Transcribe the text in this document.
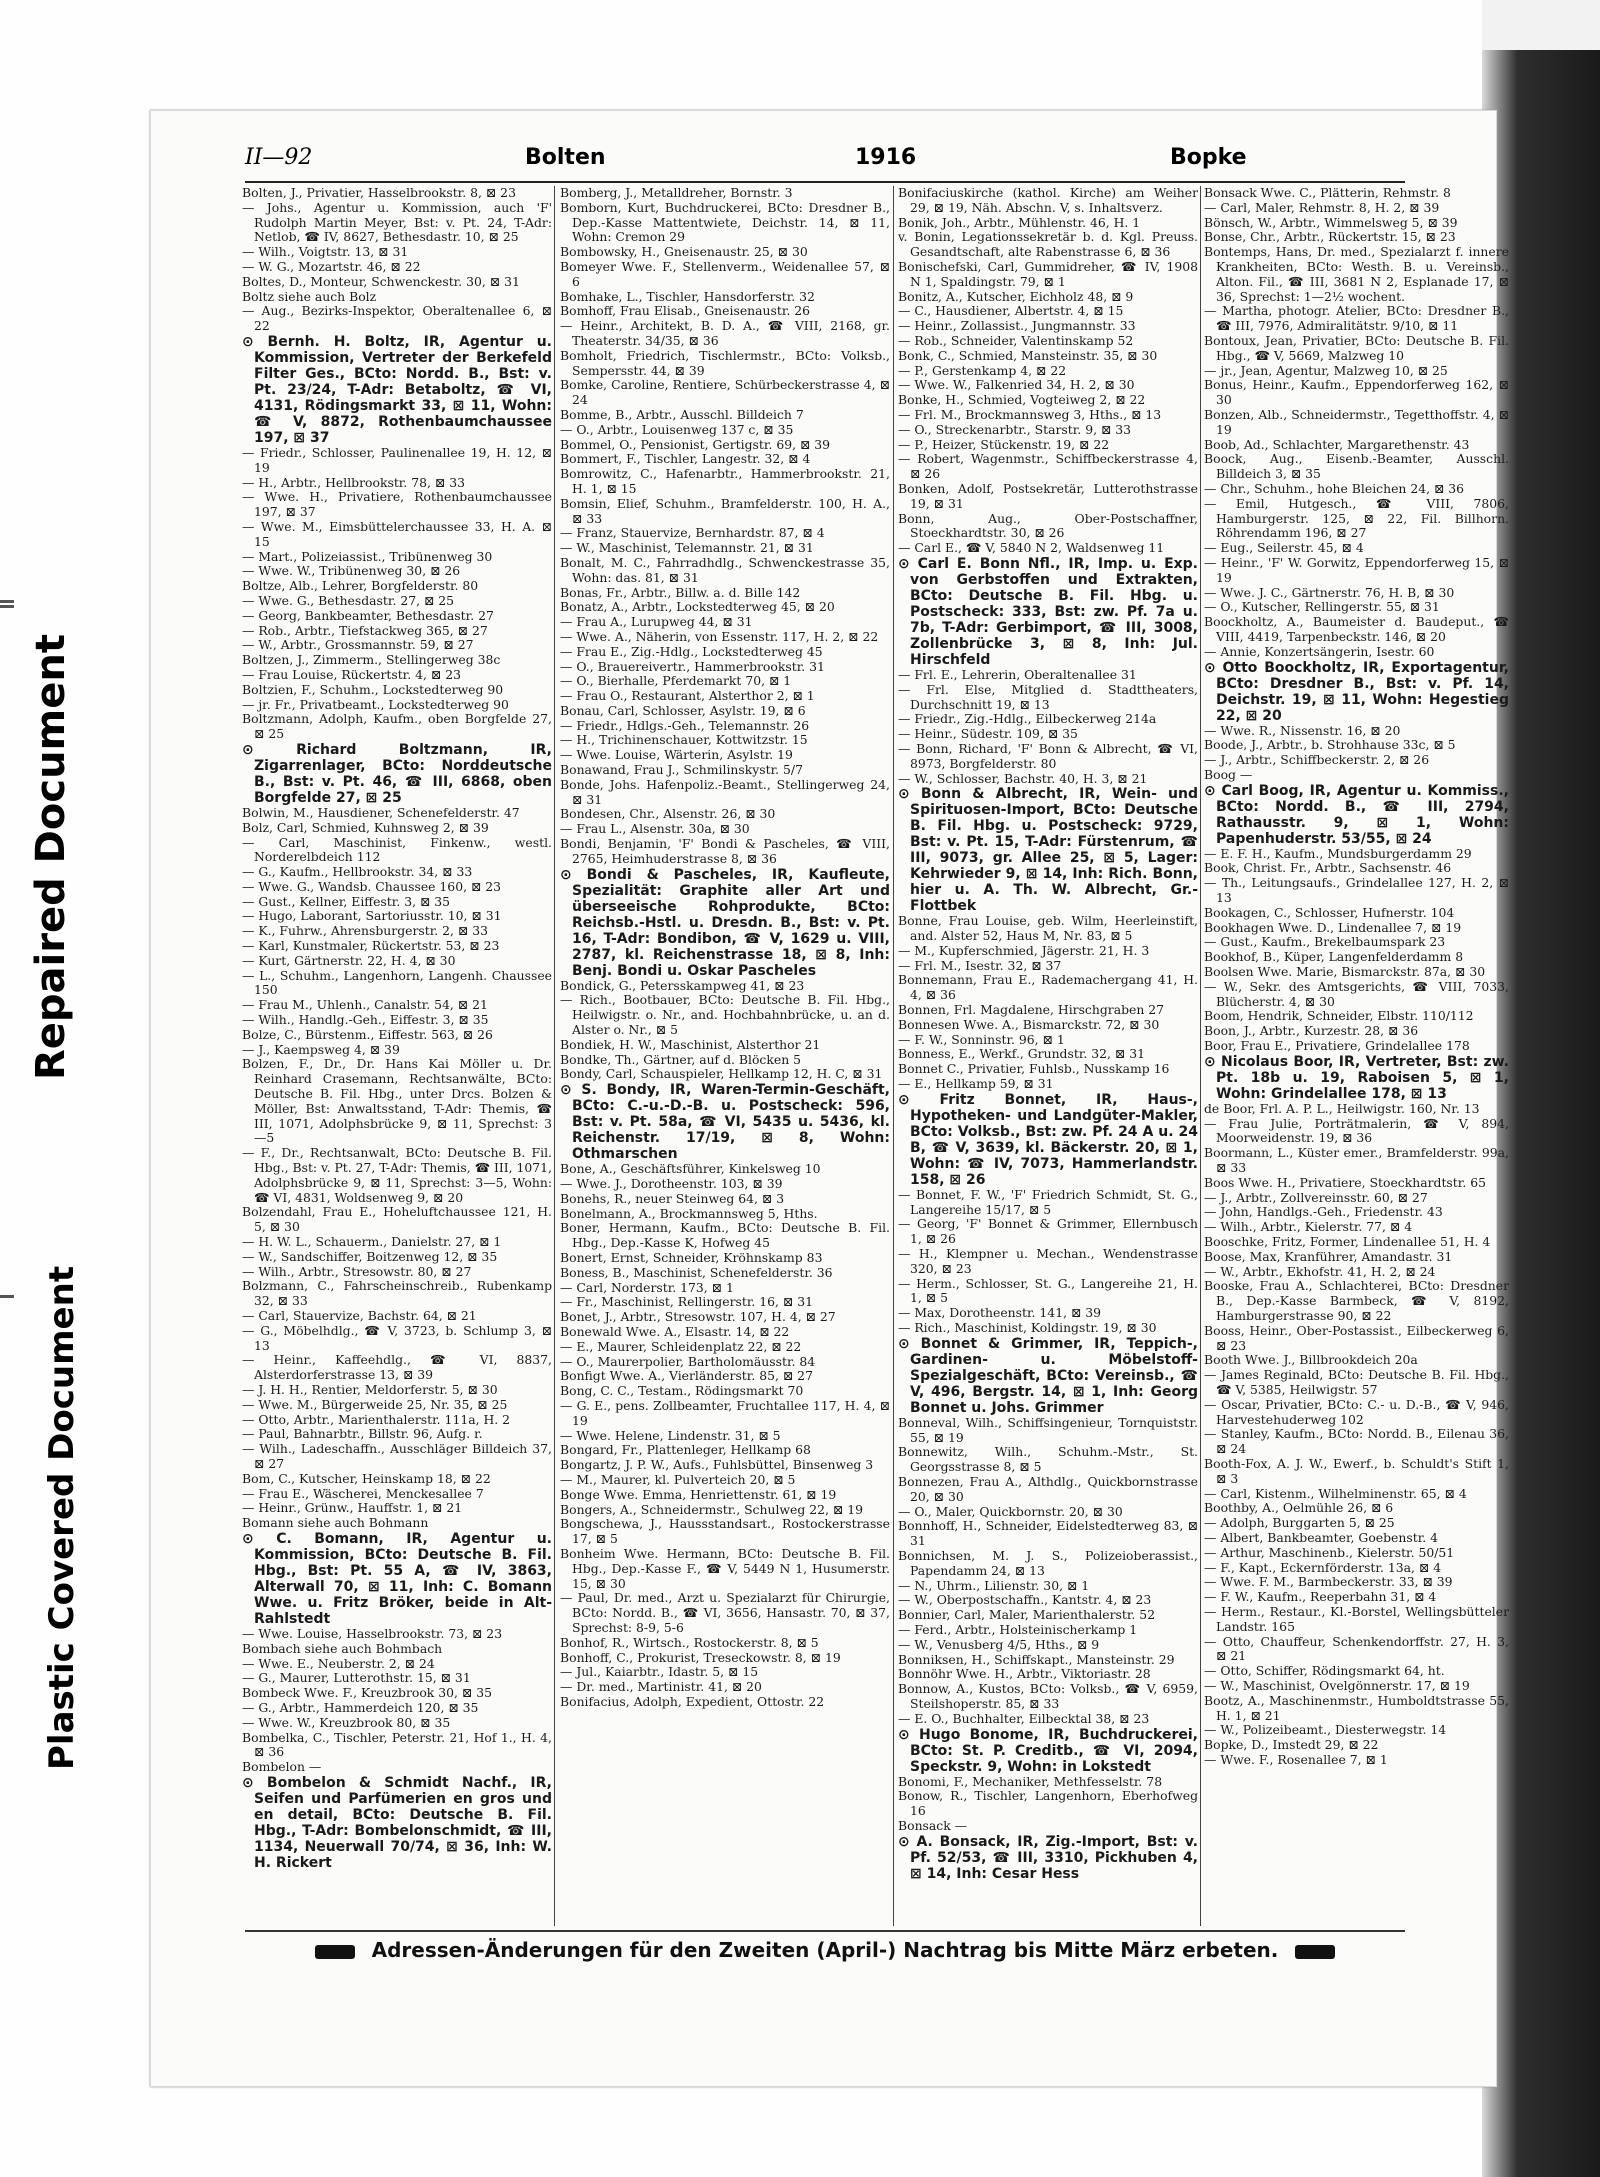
Repaired Document
Plastic Covered Document
II—92	Bolten	1916	Bopke

Bolten, J., Privatier, Hasselbrookstr. 8, ⊠ 23

— Johs., Agentur u. Kommission, auch 'F' Rudolph Martin Meyer, Bst: v. Pt. 24, T-Adr: Netlob, ☎ IV, 8627, Bethesdastr. 10, ⊠ 25

— Wilh., Voigtstr. 13, ⊠ 31

— W. G., Mozartstr. 46, ⊠ 22

Boltes, D., Monteur, Schwenckestr. 30, ⊠ 31

Boltz siehe auch Bolz

— Aug., Bezirks-Inspektor, Oberaltenallee 6, ⊠ 22

⊙ Bernh. H. Boltz, IR, Agentur u. Kommission, Vertreter der Berkefeld Filter Ges., BCto: Nordd. B., Bst: v. Pt. 23/24, T-Adr: Betaboltz, ☎ VI, 4131, Rödingsmarkt 33, ⊠ 11, Wohn: ☎ V, 8872, Rothenbaumchaussee 197, ⊠ 37

— Friedr., Schlosser, Paulinenallee 19, H. 12, ⊠ 19

— H., Arbtr., Hellbrookstr. 78, ⊠ 33

— Wwe. H., Privatiere, Rothenbaumchaussee 197, ⊠ 37

— Wwe. M., Eimsbüttelerchaussee 33, H. A. ⊠ 15

— Mart., Polizeiassist., Tribünenweg 30

— Wwe. W., Tribünenweg 30, ⊠ 26

Boltze, Alb., Lehrer, Borgfelderstr. 80

— Wwe. G., Bethesdastr. 27, ⊠ 25

— Georg, Bankbeamter, Bethesdastr. 27

— Rob., Arbtr., Tiefstackweg 365, ⊠ 27

— W., Arbtr., Grossmannstr. 59, ⊠ 27

Boltzen, J., Zimmerm., Stellingerweg 38c

— Frau Louise, Rückertstr. 4, ⊠ 23

Boltzien, F., Schuhm., Lockstedterweg 90

— jr. Fr., Privatbeamt., Lockstedterweg 90

Boltzmann, Adolph, Kaufm., oben Borgfelde 27, ⊠ 25

⊙ Richard Boltzmann, IR, Zigarrenlager, BCto: Norddeutsche B., Bst: v. Pt. 46, ☎ III, 6868, oben Borgfelde 27, ⊠ 25

Bolwin, M., Hausdiener, Schenefelderstr. 47

Bolz, Carl, Schmied, Kuhnsweg 2, ⊠ 39

— Carl, Maschinist, Finkenw., westl. Norderelbdeich 112

— G., Kaufm., Hellbrookstr. 34, ⊠ 33

— Wwe. G., Wandsb. Chaussee 160, ⊠ 23

— Gust., Kellner, Eiffestr. 3, ⊠ 35

— Hugo, Laborant, Sartoriusstr. 10, ⊠ 31

— K., Fuhrw., Ahrensburgerstr. 2, ⊠ 33

— Karl, Kunstmaler, Rückertstr. 53, ⊠ 23

— Kurt, Gärtnerstr. 22, H. 4, ⊠ 30

— L., Schuhm., Langenhorn, Langenh. Chaussee 150

— Frau M., Uhlenh., Canalstr. 54, ⊠ 21

— Wilh., Handlg.-Geh., Eiffestr. 3, ⊠ 35

Bolze, C., Bürstenm., Eiffestr. 563, ⊠ 26

— J., Kaempsweg 4, ⊠ 39

Bolzen, F., Dr., Dr. Hans Kai Möller u. Dr. Reinhard Crasemann, Rechtsanwälte, BCto: Deutsche B. Fil. Hbg., unter Drcs. Bolzen & Möller, Bst: Anwaltsstand, T-Adr: Themis, ☎ III, 1071, Adolphsbrücke 9, ⊠ 11, Sprechst: 3—5

— F., Dr., Rechtsanwalt, BCto: Deutsche B. Fil. Hbg., Bst: v. Pt. 27, T-Adr: Themis, ☎ III, 1071, Adolphsbrücke 9, ⊠ 11, Sprechst: 3—5, Wohn: ☎ VI, 4831, Woldsenweg 9, ⊠ 20

Bolzendahl, Frau E., Hoheluftchaussee 121, H. 5, ⊠ 30

— H. W. L., Schauerm., Danielstr. 27, ⊠ 1

— W., Sandschiffer, Boitzenweg 12, ⊠ 35

— Wilh., Arbtr., Stresowstr. 80, ⊠ 27

Bolzmann, C., Fahrscheinschreib., Rubenkamp 32, ⊠ 33

— Carl, Stauervize, Bachstr. 64, ⊠ 21

— G., Möbelhdlg., ☎ V, 3723, b. Schlump 3, ⊠ 13

— Heinr., Kaffeehdlg., ☎ VI, 8837, Alsterdorferstrasse 13, ⊠ 39

— J. H. H., Rentier, Meldorferstr. 5, ⊠ 30

— Wwe. M., Bürgerweide 25, Nr. 35, ⊠ 25

— Otto, Arbtr., Marienthalerstr. 111a, H. 2

— Paul, Bahnarbtr., Billstr. 96, Aufg. r.

— Wilh., Ladeschaffn., Ausschläger Billdeich 37, ⊠ 27

Bom, C., Kutscher, Heinskamp 18, ⊠ 22

— Frau E., Wäscherei, Menckesallee 7

— Heinr., Grünw., Hauffstr. 1, ⊠ 21

Bomann siehe auch Bohmann

⊙ C. Bomann, IR, Agentur u. Kommission, BCto: Deutsche B. Fil. Hbg., Bst: Pt. 55 A, ☎ IV, 3863, Alterwall 70, ⊠ 11, Inh: C. Bomann Wwe. u. Fritz Bröker, beide in Alt-Rahlstedt

— Wwe. Louise, Hasselbrookstr. 73, ⊠ 23

Bombach siehe auch Bohmbach

— Wwe. E., Neuberstr. 2, ⊠ 24

— G., Maurer, Lutterothstr. 15, ⊠ 31

Bombeck Wwe. F., Kreuzbrook 30, ⊠ 35

— G., Arbtr., Hammerdeich 120, ⊠ 35

— Wwe. W., Kreuzbrook 80, ⊠ 35

Bombelka, C., Tischler, Peterstr. 21, Hof 1., H. 4, ⊠ 36

Bombelon —

⊙ Bombelon & Schmidt Nachf., IR, Seifen und Parfümerien en gros und en detail, BCto: Deutsche B. Fil. Hbg., T-Adr: Bombelonschmidt, ☎ III, 1134, Neuerwall 70/74, ⊠ 36, Inh: W. H. Rickert

Bomberg, J., Metalldreher, Bornstr. 3

Bomborn, Kurt, Buchdruckerei, BCto: Dresdner B., Dep.-Kasse Mattentwiete, Deichstr. 14, ⊠ 11, Wohn: Cremon 29

Bombowsky, H., Gneisenaustr. 25, ⊠ 30

Bomeyer Wwe. F., Stellenverm., Weidenallee 57, ⊠ 6

Bomhake, L., Tischler, Hansdorferstr. 32

Bomhoff, Frau Elisab., Gneisenaustr. 26

— Heinr., Architekt, B. D. A., ☎ VIII, 2168, gr. Theaterstr. 34/35, ⊠ 36

Bomholt, Friedrich, Tischlermstr., BCto: Volksb., Sempersstr. 44, ⊠ 39

Bomke, Caroline, Rentiere, Schürbeckerstrasse 4, ⊠ 24

Bomme, B., Arbtr., Ausschl. Billdeich 7

— O., Arbtr., Louisenweg 137 c, ⊠ 35

Bommel, O., Pensionist, Gertigstr. 69, ⊠ 39

Bommert, F., Tischler, Langestr. 32, ⊠ 4

Bomrowitz, C., Hafenarbtr., Hammerbrookstr. 21, H. 1, ⊠ 15

Bomsin, Elief, Schuhm., Bramfelderstr. 100, H. A., ⊠ 33

— Franz, Stauervize, Bernhardstr. 87, ⊠ 4

— W., Maschinist, Telemannstr. 21, ⊠ 31

Bonalt, M. C., Fahrradhdlg., Schwenckestrasse 35, Wohn: das. 81, ⊠ 31

Bonas, Fr., Arbtr., Billw. a. d. Bille 142

Bonatz, A., Arbtr., Lockstedterweg 45, ⊠ 20

— Frau A., Lurupweg 44, ⊠ 31

— Wwe. A., Näherin, von Essenstr. 117, H. 2, ⊠ 22

— Frau E., Zig.-Hdlg., Lockstedterweg 45

— O., Brauereivertr., Hammerbrookstr. 31

— O., Bierhalle, Pferdemarkt 70, ⊠ 1

— Frau O., Restaurant, Alsterthor 2, ⊠ 1

Bonau, Carl, Schlosser, Asylstr. 19, ⊠ 6

— Friedr., Hdlgs.-Geh., Telemannstr. 26

— H., Trichinenschauer, Kottwitzstr. 15

— Wwe. Louise, Wärterin, Asylstr. 19

Bonawand, Frau J., Schmilinskystr. 5/7

Bonde, Johs. Hafenpoliz.-Beamt., Stellingerweg 24, ⊠ 31

Bondesen, Chr., Alsenstr. 26, ⊠ 30

— Frau L., Alsenstr. 30a, ⊠ 30

Bondi, Benjamin, 'F' Bondi & Pascheles, ☎ VIII, 2765, Heimhuderstrasse 8, ⊠ 36

⊙ Bondi & Pascheles, IR, Kaufleute, Spezialität: Graphite aller Art und überseeische Rohprodukte, BCto: Reichsb.-Hstl. u. Dresdn. B., Bst: v. Pt. 16, T-Adr: Bondibon, ☎ V, 1629 u. VIII, 2787, kl. Reichenstrasse 18, ⊠ 8, Inh: Benj. Bondi u. Oskar Pascheles

Bondick, G., Petersskampweg 41, ⊠ 23

— Rich., Bootbauer, BCto: Deutsche B. Fil. Hbg., Heilwigstr. o. Nr., and. Hochbahnbrücke, u. an d. Alster o. Nr., ⊠ 5

Bondiek, H. W., Maschinist, Alsterthor 21

Bondke, Th., Gärtner, auf d. Blöcken 5

Bondy, Carl, Schauspieler, Hellkamp 12, H. C, ⊠ 31

⊙ S. Bondy, IR, Waren-Termin-Geschäft, BCto: C.-u.-D.-B. u. Postscheck: 596, Bst: v. Pt. 58a, ☎ VI, 5435 u. 5436, kl. Reichenstr. 17/19, ⊠ 8, Wohn: Othmarschen

Bone, A., Geschäftsführer, Kinkelsweg 10

— Wwe. J., Dorotheenstr. 103, ⊠ 39

Bonehs, R., neuer Steinweg 64, ⊠ 3

Bonelmann, A., Brockmannsweg 5, Hths.

Boner, Hermann, Kaufm., BCto: Deutsche B. Fil. Hbg., Dep.-Kasse K, Hofweg 45

Bonert, Ernst, Schneider, Kröhnskamp 83

Boness, B., Maschinist, Schenefelderstr. 36

— Carl, Norderstr. 173, ⊠ 1

— Fr., Maschinist, Rellingerstr. 16, ⊠ 31

Bonet, J., Arbtr., Stresowstr. 107, H. 4, ⊠ 27

Bonewald Wwe. A., Elsastr. 14, ⊠ 22

— E., Maurer, Schleidenplatz 22, ⊠ 22

— O., Maurerpolier, Bartholomäusstr. 84

Bonfigt Wwe. A., Vierländerstr. 85, ⊠ 27

Bong, C. C., Testam., Rödingsmarkt 70

— G. E., pens. Zollbeamter, Fruchtallee 117, H. 4, ⊠ 19

— Wwe. Helene, Lindenstr. 31, ⊠ 5

Bongard, Fr., Plattenleger, Hellkamp 68

Bongartz, J. P. W., Aufs., Fuhlsbüttel, Binsenweg 3

— M., Maurer, kl. Pulverteich 20, ⊠ 5

Bonge Wwe. Emma, Henriettenstr. 61, ⊠ 19

Bongers, A., Schneidermstr., Schulweg 22, ⊠ 19

Bongschewa, J., Haussstandsart., Rostockerstrasse 17, ⊠ 5

Bonheim Wwe. Hermann, BCto: Deutsche B. Fil. Hbg., Dep.-Kasse F., ☎ V, 5449 N 1, Husumerstr. 15, ⊠ 30

— Paul, Dr. med., Arzt u. Spezialarzt für Chirurgie, BCto: Nordd. B., ☎ VI, 3656, Hansastr. 70, ⊠ 37, Sprechst: 8-9, 5-6

Bonhof, R., Wirtsch., Rostockerstr. 8, ⊠ 5

Bonhoff, C., Prokurist, Treseckowstr. 8, ⊠ 19

— Jul., Kaiarbtr., Idastr. 5, ⊠ 15

— Dr. med., Martinistr. 41, ⊠ 20

Bonifacius, Adolph, Expedient, Ottostr. 22

Bonifaciuskirche (kathol. Kirche) am Weiher 29, ⊠ 19, Näh. Abschn. V, s. Inhaltsverz.

Bonik, Joh., Arbtr., Mühlenstr. 46, H. 1

v. Bonin, Legationssekretär b. d. Kgl. Preuss. Gesandtschaft, alte Rabenstrasse 6, ⊠ 36

Bonischefski, Carl, Gummidreher, ☎ IV, 1908 N 1, Spaldingstr. 79, ⊠ 1

Bonitz, A., Kutscher, Eichholz 48, ⊠ 9

— C., Hausdiener, Albertstr. 4, ⊠ 15

— Heinr., Zollassist., Jungmannstr. 33

— Rob., Schneider, Valentinskamp 52

Bonk, C., Schmied, Mansteinstr. 35, ⊠ 30

— P., Gerstenkamp 4, ⊠ 22

— Wwe. W., Falkenried 34, H. 2, ⊠ 30

Bonke, H., Schmied, Vogteiweg 2, ⊠ 22

— Frl. M., Brockmannsweg 3, Hths., ⊠ 13

— O., Streckenarbtr., Starstr. 9, ⊠ 33

— P., Heizer, Stückenstr. 19, ⊠ 22

— Robert, Wagenmstr., Schiffbeckerstrasse 4, ⊠ 26

Bonken, Adolf, Postsekretär, Lutterothstrasse 19, ⊠ 31

Bonn, Aug., Ober-Postschaffner, Stoeckhardtstr. 30, ⊠ 26

— Carl E., ☎ V, 5840 N 2, Waldsenweg 11

⊙ Carl E. Bonn Nfl., IR, Imp. u. Exp. von Gerbstoffen und Extrakten, BCto: Deutsche B. Fil. Hbg. u. Postscheck: 333, Bst: zw. Pf. 7a u. 7b, T-Adr: Gerbimport, ☎ III, 3008, Zollenbrücke 3, ⊠ 8, Inh: Jul. Hirschfeld

— Frl. E., Lehrerin, Oberaltenallee 31

— Frl. Else, Mitglied d. Stadttheaters, Durchschnitt 19, ⊠ 13

— Friedr., Zig.-Hdlg., Eilbeckerweg 214a

— Heinr., Südestr. 109, ⊠ 35

— Bonn, Richard, 'F' Bonn & Albrecht, ☎ VI, 8973, Borgfelderstr. 80

— W., Schlosser, Bachstr. 40, H. 3, ⊠ 21

⊙ Bonn & Albrecht, IR, Wein- und Spirituosen-Import, BCto: Deutsche B. Fil. Hbg. u. Postscheck: 9729, Bst: v. Pt. 15, T-Adr: Fürstenrum, ☎ III, 9073, gr. Allee 25, ⊠ 5, Lager: Kehrwieder 9, ⊠ 14, Inh: Rich. Bonn, hier u. A. Th. W. Albrecht, Gr.-Flottbek

Bonne, Frau Louise, geb. Wilm, Heerleinstift, and. Alster 52, Haus M, Nr. 83, ⊠ 5

— M., Kupferschmied, Jägerstr. 21, H. 3

— Frl. M., Isestr. 32, ⊠ 37

Bonnemann, Frau E., Rademachergang 41, H. 4, ⊠ 36

Bonnen, Frl. Magdalene, Hirschgraben 27

Bonnesen Wwe. A., Bismarckstr. 72, ⊠ 30

— F. W., Sonninstr. 96, ⊠ 1

Bonness, E., Werkf., Grundstr. 32, ⊠ 31

Bonnet C., Privatier, Fuhlsb., Nusskamp 16

— E., Hellkamp 59, ⊠ 31

⊙ Fritz Bonnet, IR, Haus-, Hypotheken- und Landgüter-Makler, BCto: Volksb., Bst: zw. Pf. 24 A u. 24 B, ☎ V, 3639, kl. Bäckerstr. 20, ⊠ 1, Wohn: ☎ IV, 7073, Hammerlandstr. 158, ⊠ 26

— Bonnet, F. W., 'F' Friedrich Schmidt, St. G., Langereihe 15/17, ⊠ 5

— Georg, 'F' Bonnet & Grimmer, Ellernbusch 1, ⊠ 26

— H., Klempner u. Mechan., Wendenstrasse 320, ⊠ 23

— Herm., Schlosser, St. G., Langereihe 21, H. 1, ⊠ 5

— Max, Dorotheenstr. 141, ⊠ 39

— Rich., Maschinist, Koldingstr. 19, ⊠ 30

⊙ Bonnet & Grimmer, IR, Teppich-, Gardinen- u. Möbelstoff-Spezialgeschäft, BCto: Vereinsb., ☎ V, 496, Bergstr. 14, ⊠ 1, Inh: Georg Bonnet u. Johs. Grimmer

Bonneval, Wilh., Schiffsingenieur, Tornquiststr. 55, ⊠ 19

Bonnewitz, Wilh., Schuhm.-Mstr., St. Georgsstrasse 8, ⊠ 5

Bonnezen, Frau A., Althdlg., Quickbornstrasse 20, ⊠ 30

— O., Maler, Quickbornstr. 20, ⊠ 30

Bonnhoff, H., Schneider, Eidelstedterweg 83, ⊠ 31

Bonnichsen, M. J. S., Polizeioberassist., Papendamm 24, ⊠ 13

— N., Uhrm., Lilienstr. 30, ⊠ 1

— W., Oberpostschaffn., Kantstr. 4, ⊠ 23

Bonnier, Carl, Maler, Marienthalerstr. 52

— Ferd., Arbtr., Holsteinischerkamp 1

— W., Venusberg 4/5, Hths., ⊠ 9

Bonniksen, H., Schiffskapt., Mansteinstr. 29

Bonnöhr Wwe. H., Arbtr., Viktoriastr. 28

Bonnow, A., Kustos, BCto: Volksb., ☎ V, 6959, Steilshoperstr. 85, ⊠ 33

— E. O., Buchhalter, Eilbecktal 38, ⊠ 23

⊙ Hugo Bonome, IR, Buchdruckerei, BCto: St. P. Creditb., ☎ VI, 2094, Speckstr. 9, Wohn: in Lokstedt

Bonomi, F., Mechaniker, Methfesselstr. 78

Bonow, R., Tischler, Langenhorn, Eberhofweg 16

Bonsack —

⊙ A. Bonsack, IR, Zig.-Import, Bst: v. Pf. 52/53, ☎ III, 3310, Pickhuben 4, ⊠ 14, Inh: Cesar Hess

Bonsack Wwe. C., Plätterin, Rehmstr. 8

— Carl, Maler, Rehmstr. 8, H. 2, ⊠ 39

Bönsch, W., Arbtr., Wimmelsweg 5, ⊠ 39

Bonse, Chr., Arbtr., Rückertstr. 15, ⊠ 23

Bontemps, Hans, Dr. med., Spezialarzt f. innere Krankheiten, BCto: Westh. B. u. Vereinsb., Alton. Fil., ☎ III, 3681 N 2, Esplanade 17, ⊠ 36, Sprechst: 1—2½ wochent.

— Martha, photogr. Atelier, BCto: Dresdner B., ☎ III, 7976, Admiralitätstr. 9/10, ⊠ 11

Bontoux, Jean, Privatier, BCto: Deutsche B. Fil. Hbg., ☎ V, 5669, Malzweg 10

— jr., Jean, Agentur, Malzweg 10, ⊠ 25

Bonus, Heinr., Kaufm., Eppendorferweg 162, ⊠ 30

Bonzen, Alb., Schneidermstr., Tegetthoffstr. 4, ⊠ 19

Boob, Ad., Schlachter, Margarethenstr. 43

Boock, Aug., Eisenb.-Beamter, Ausschl. Billdeich 3, ⊠ 35

— Chr., Schuhm., hohe Bleichen 24, ⊠ 36

— Emil, Hutgesch., ☎ VIII, 7806, Hamburgerstr. 125, ⊠ 22, Fil. Billhorn. Röhrendamm 196, ⊠ 27

— Eug., Seilerstr. 45, ⊠ 4

— Heinr., 'F' W. Gorwitz, Eppendorferweg 15, ⊠ 19

— Wwe. J. C., Gärtnerstr. 76, H. B, ⊠ 30

— O., Kutscher, Rellingerstr. 55, ⊠ 31

Boockholtz, A., Baumeister d. Baudeput., ☎ VIII, 4419, Tarpenbeckstr. 146, ⊠ 20

— Annie, Konzertsängerin, Isestr. 60

⊙ Otto Boockholtz, IR, Exportagentur, BCto: Dresdner B., Bst: v. Pf. 14, Deichstr. 19, ⊠ 11, Wohn: Hegestieg 22, ⊠ 20

— Wwe. R., Nissenstr. 16, ⊠ 20

Boode, J., Arbtr., b. Strohhause 33c, ⊠ 5

— J., Arbtr., Schiffbeckerstr. 2, ⊠ 26

Boog —

⊙ Carl Boog, IR, Agentur u. Kommiss., BCto: Nordd. B., ☎ III, 2794, Rathausstr. 9, ⊠ 1, Wohn: Papenhuderstr. 53/55, ⊠ 24

— E. F. H., Kaufm., Mundsburgerdamm 29

Book, Christ. Fr., Arbtr., Sachsenstr. 46

— Th., Leitungsaufs., Grindelallee 127, H. 2, ⊠ 13

Bookagen, C., Schlosser, Hufnerstr. 104

Bookhagen Wwe. D., Lindenallee 7, ⊠ 19

— Gust., Kaufm., Brekelbaumspark 23

Bookhof, B., Küper, Langenfelderdamm 8

Boolsen Wwe. Marie, Bismarckstr. 87a, ⊠ 30

— W., Sekr. des Amtsgerichts, ☎ VIII, 7033, Blücherstr. 4, ⊠ 30

Boom, Hendrik, Schneider, Elbstr. 110/112

Boon, J., Arbtr., Kurzestr. 28, ⊠ 36

Boor, Frau E., Privatiere, Grindelallee 178

⊙ Nicolaus Boor, IR, Vertreter, Bst: zw. Pt. 18b u. 19, Raboisen 5, ⊠ 1, Wohn: Grindelallee 178, ⊠ 13

de Boor, Frl. A. P. L., Heilwigstr. 160, Nr. 13

— Frau Julie, Porträtmalerin, ☎ V, 894, Moorweidenstr. 19, ⊠ 36

Boormann, L., Küster emer., Bramfelderstr. 99a, ⊠ 33

Boos Wwe. H., Privatiere, Stoeckhardtstr. 65

— J., Arbtr., Zollvereinsstr. 60, ⊠ 27

— John, Handlgs.-Geh., Friedenstr. 43

— Wilh., Arbtr., Kielerstr. 77, ⊠ 4

Booschke, Fritz, Former, Lindenallee 51, H. 4

Boose, Max, Kranführer, Amandastr. 31

— W., Arbtr., Ekhofstr. 41, H. 2, ⊠ 24

Booske, Frau A., Schlachterei, BCto: Dresdner B., Dep.-Kasse Barmbeck, ☎ V, 8192, Hamburgerstrasse 90, ⊠ 22

Booss, Heinr., Ober-Postassist., Eilbeckerweg 6, ⊠ 23

Booth Wwe. J., Billbrookdeich 20a

— James Reginald, BCto: Deutsche B. Fil. Hbg., ☎ V, 5385, Heilwigstr. 57

— Oscar, Privatier, BCto: C.- u. D.-B., ☎ V, 946, Harvestehuderweg 102

— Stanley, Kaufm., BCto: Nordd. B., Eilenau 36, ⊠ 24

Booth-Fox, A. J. W., Ewerf., b. Schuldt's Stift 1, ⊠ 3

— Carl, Kistenm., Wilhelminenstr. 65, ⊠ 4

Boothby, A., Oelmühle 26, ⊠ 6

— Adolph, Burggarten 5, ⊠ 25

— Albert, Bankbeamter, Goebenstr. 4

— Arthur, Maschinenb., Kielerstr. 50/51

— F., Kapt., Eckernförderstr. 13a, ⊠ 4

— Wwe. F. M., Barmbeckerstr. 33, ⊠ 39

— F. W., Kaufm., Reeperbahn 31, ⊠ 4

— Herm., Restaur., Kl.-Borstel, Wellingsbütteler Landstr. 165

— Otto, Chauffeur, Schenkendorffstr. 27, H. 3, ⊠ 21

— Otto, Schiffer, Rödingsmarkt 64, ht.

— W., Maschinist, Ovelgönnerstr. 17, ⊠ 19

Bootz, A., Maschinenmstr., Humboldtstrasse 55, H. 1, ⊠ 21

— W., Polizeibeamt., Diesterwegstr. 14

Bopke, D., Imstedt 29, ⊠ 22

— Wwe. F., Rosenallee 7, ⊠ 1

Adressen-Änderungen für den Zweiten (April-) Nachtrag bis Mitte März erbeten.
